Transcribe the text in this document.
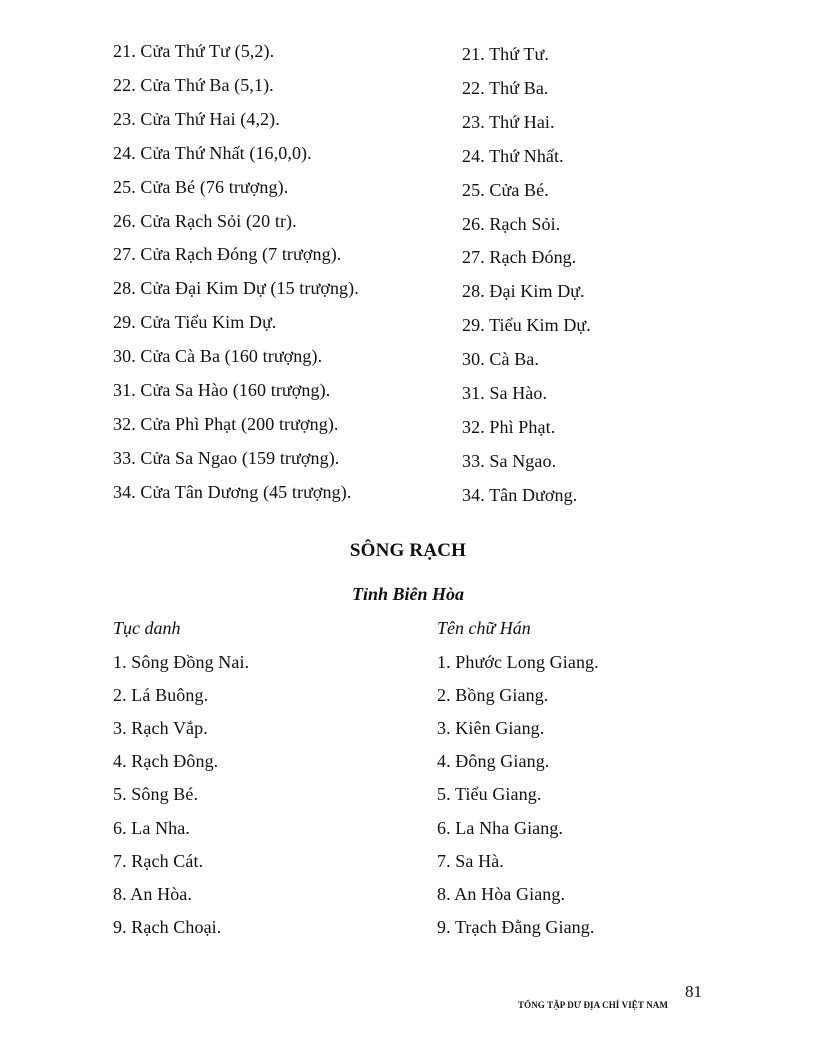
21. Cửa Thứ Tư (5,2).
22. Cửa Thứ Ba (5,1).
23. Cửa Thứ Hai (4,2).
24. Cửa Thứ Nhất (16,0,0).
25. Cửa Bé (76 trượng).
26. Cửa Rạch Sỏi (20 tr).
27. Cửa Rạch Đóng (7 trượng).
28. Cửa Đại Kim Dự (15 trượng).
29. Cửa Tiểu Kim Dự.
30. Cửa Cà Ba (160 trượng).
31. Cửa Sa Hào (160 trượng).
32. Cửa Phì Phạt (200 trượng).
33. Cửa Sa Ngao (159 trượng).
34. Cửa Tân Dương (45 trượng).
21. Thứ Tư.
22. Thứ Ba.
23. Thứ Hai.
24. Thứ Nhất.
25. Cửa Bé.
26. Rạch Sỏi.
27. Rạch Đóng.
28. Đại Kim Dự.
29. Tiểu Kim Dự.
30. Cà Ba.
31. Sa Hào.
32. Phì Phạt.
33. Sa Ngao.
34. Tân Dương.
SÔNG RẠCH
Tỉnh Biên Hòa
Tục danh	Tên chữ Hán
1. Sông Đồng Nai.
2. Lá Buông.
3. Rạch Vắp.
4. Rạch Đông.
5. Sông Bé.
6. La Nha.
7. Rạch Cát.
8. An Hòa.
9. Rạch Choại.
1. Phước Long Giang.
2. Bồng Giang.
3. Kiên Giang.
4. Đông Giang.
5. Tiểu Giang.
6. La Nha Giang.
7. Sa Hà.
8. An Hòa Giang.
9. Trạch Đằng Giang.
81
TỔNG TẬP DƯ ĐỊA CHÍ VIỆT NAM
